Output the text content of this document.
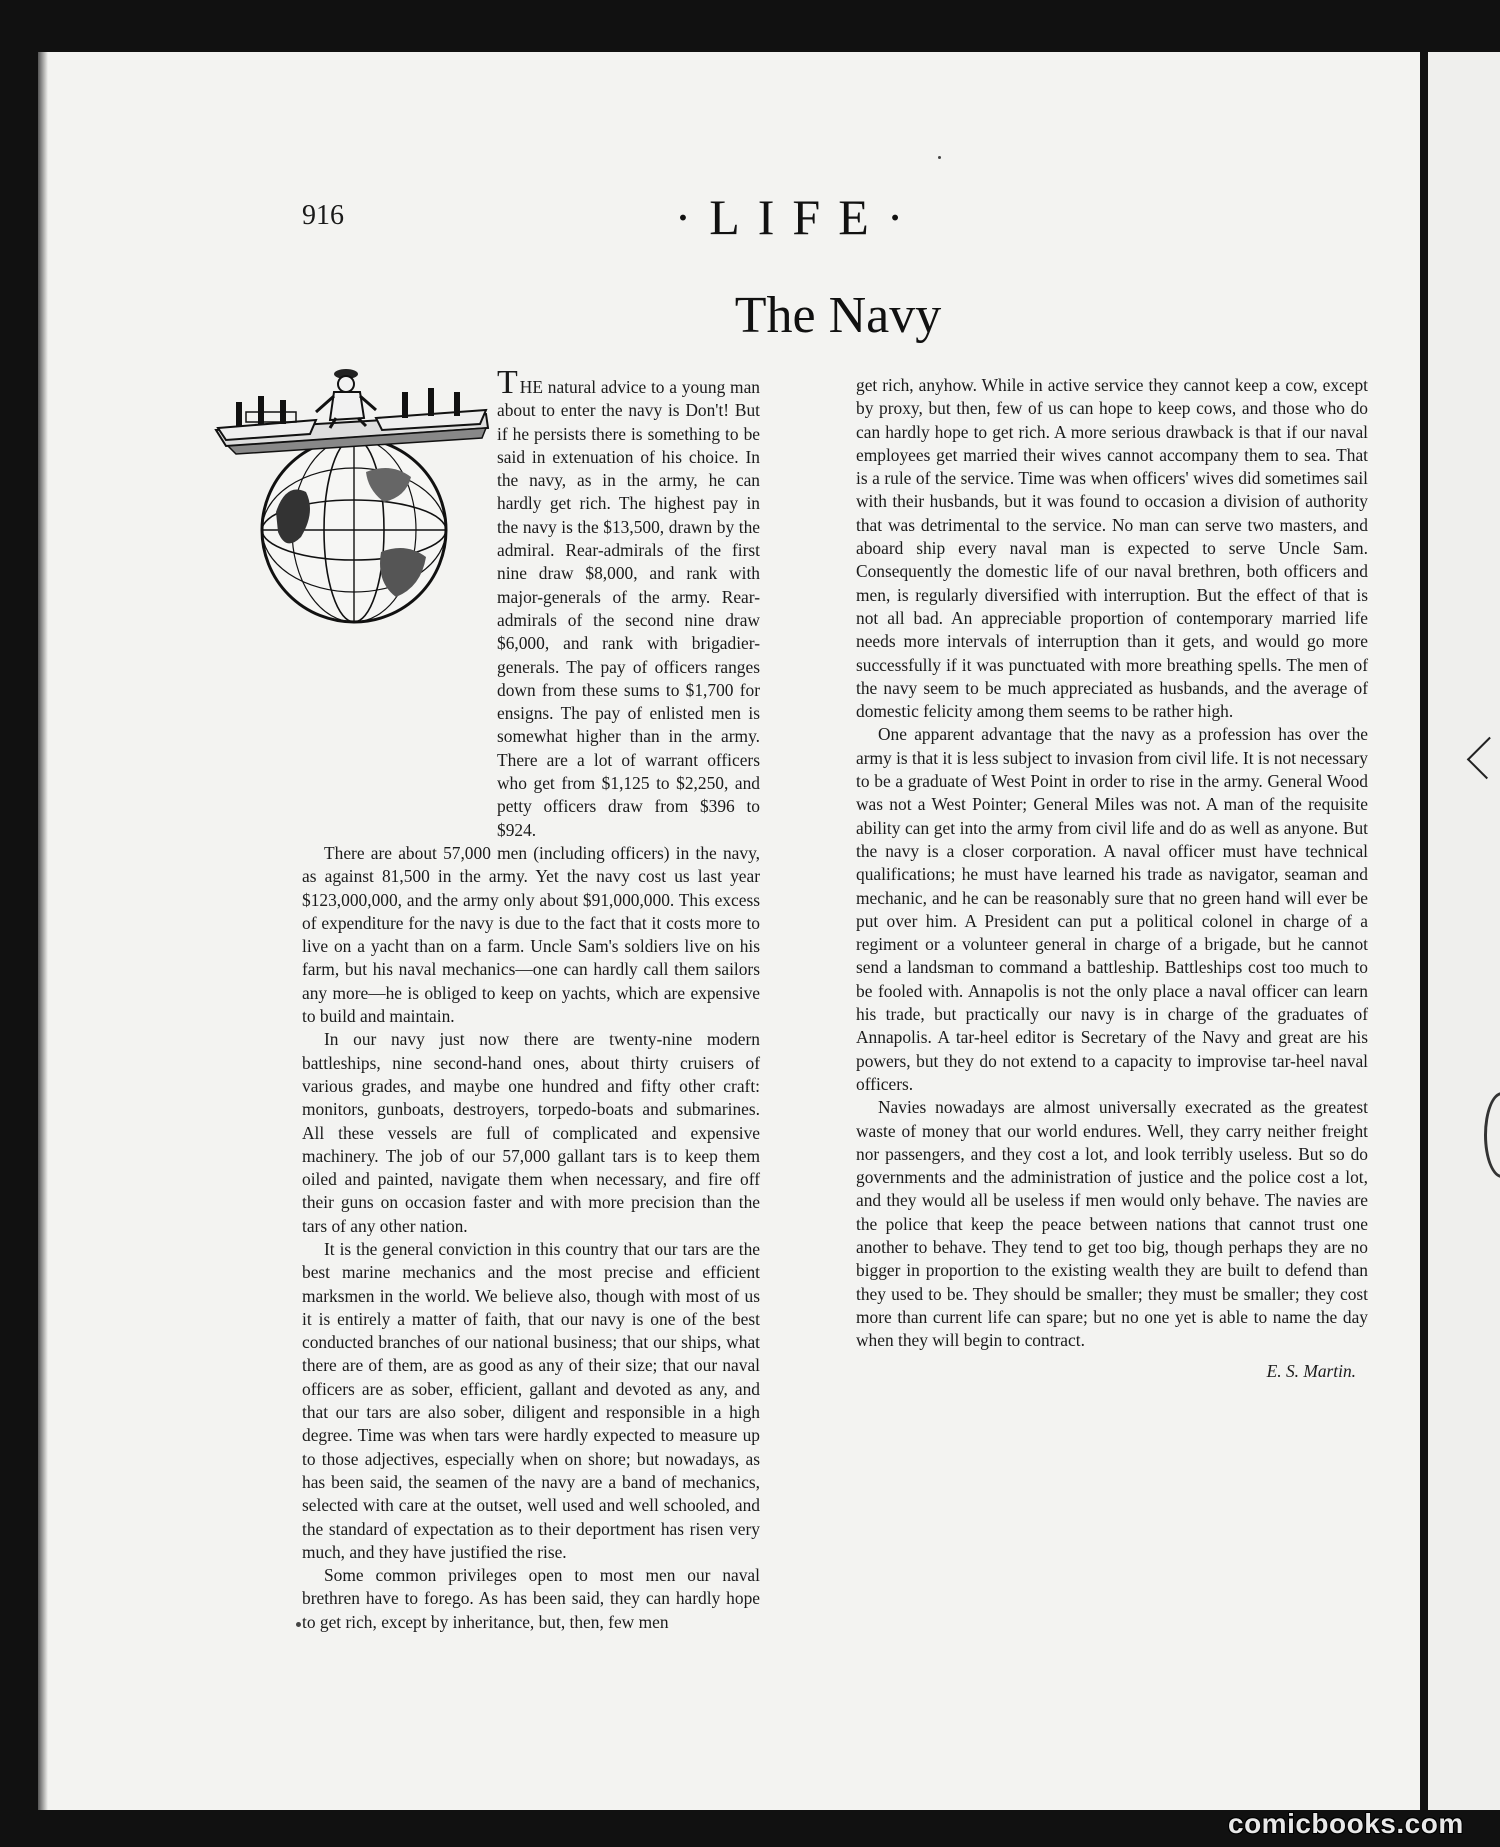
916	·LIFE·
The Navy

THE natural advice to a young man about to enter the navy is Don't! But if he persists there is something to be said in extenuation of his choice. In the navy, as in the army, he can hardly get rich. The highest pay in the navy is the $13,500, drawn by the admiral. Rear-admirals of the first nine draw $8,000, and rank with major-generals of the army. Rear-admirals of the second nine draw $6,000, and rank with brigadier-generals. The pay of officers ranges down from these sums to $1,700 for ensigns. The pay of enlisted men is somewhat higher than in the army. There are a lot of warrant officers who get from $1,125 to $2,250, and petty officers draw from $396 to $924.

There are about 57,000 men (including officers) in the navy, as against 81,500 in the army. Yet the navy cost us last year $123,000,000, and the army only about $91,000,000. This excess of expenditure for the navy is due to the fact that it costs more to live on a yacht than on a farm. Uncle Sam's soldiers live on his farm, but his naval mechanics—one can hardly call them sailors any more—he is obliged to keep on yachts, which are expensive to build and maintain.

In our navy just now there are twenty-nine modern battleships, nine second-hand ones, about thirty cruisers of various grades, and maybe one hundred and fifty other craft: monitors, gunboats, destroyers, torpedo-boats and submarines. All these vessels are full of complicated and expensive machinery. The job of our 57,000 gallant tars is to keep them oiled and painted, navigate them when necessary, and fire off their guns on occasion faster and with more precision than the tars of any other nation.

It is the general conviction in this country that our tars are the best marine mechanics and the most precise and efficient marksmen in the world. We believe also, though with most of us it is entirely a matter of faith, that our navy is one of the best conducted branches of our national business; that our ships, what there are of them, are as good as any of their size; that our naval officers are as sober, efficient, gallant and devoted as any, and that our tars are also sober, diligent and responsible in a high degree. Time was when tars were hardly expected to measure up to those adjectives, especially when on shore; but nowadays, as has been said, the seamen of the navy are a band of mechanics, selected with care at the outset, well used and well schooled, and the standard of expectation as to their deportment has risen very much, and they have justified the rise.

Some common privileges open to most men our naval brethren have to forego. As has been said, they can hardly hope to get rich, except by inheritance, but, then, few men

get rich, anyhow. While in active service they cannot keep a cow, except by proxy, but then, few of us can hope to keep cows, and those who do can hardly hope to get rich. A more serious drawback is that if our naval employees get married their wives cannot accompany them to sea. That is a rule of the service. Time was when officers' wives did sometimes sail with their husbands, but it was found to occasion a division of authority that was detrimental to the service. No man can serve two masters, and aboard ship every naval man is expected to serve Uncle Sam. Consequently the domestic life of our naval brethren, both officers and men, is regularly diversified with interruption. But the effect of that is not all bad. An appreciable proportion of contemporary married life needs more intervals of interruption than it gets, and would go more successfully if it was punctuated with more breathing spells. The men of the navy seem to be much appreciated as husbands, and the average of domestic felicity among them seems to be rather high.

One apparent advantage that the navy as a profession has over the army is that it is less subject to invasion from civil life. It is not necessary to be a graduate of West Point in order to rise in the army. General Wood was not a West Pointer; General Miles was not. A man of the requisite ability can get into the army from civil life and do as well as anyone. But the navy is a closer corporation. A naval officer must have technical qualifications; he must have learned his trade as navigator, seaman and mechanic, and he can be reasonably sure that no green hand will ever be put over him. A President can put a political colonel in charge of a regiment or a volunteer general in charge of a brigade, but he cannot send a landsman to command a battleship. Battleships cost too much to be fooled with. Annapolis is not the only place a naval officer can learn his trade, but practically our navy is in charge of the graduates of Annapolis. A tar-heel editor is Secretary of the Navy and great are his powers, but they do not extend to a capacity to improvise tar-heel naval officers.

Navies nowadays are almost universally execrated as the greatest waste of money that our world endures. Well, they carry neither freight nor passengers, and they cost a lot, and look terribly useless. But so do governments and the administration of justice and the police cost a lot, and they would all be useless if men would only behave. The navies are the police that keep the peace between nations that cannot trust one another to behave. They tend to get too big, though perhaps they are no bigger in proportion to the existing wealth they are built to defend than they used to be. They should be smaller; they must be smaller; they cost more than current life can spare; but no one yet is able to name the day when they will begin to contract.

E. S. Martin.
comicbooks.com
